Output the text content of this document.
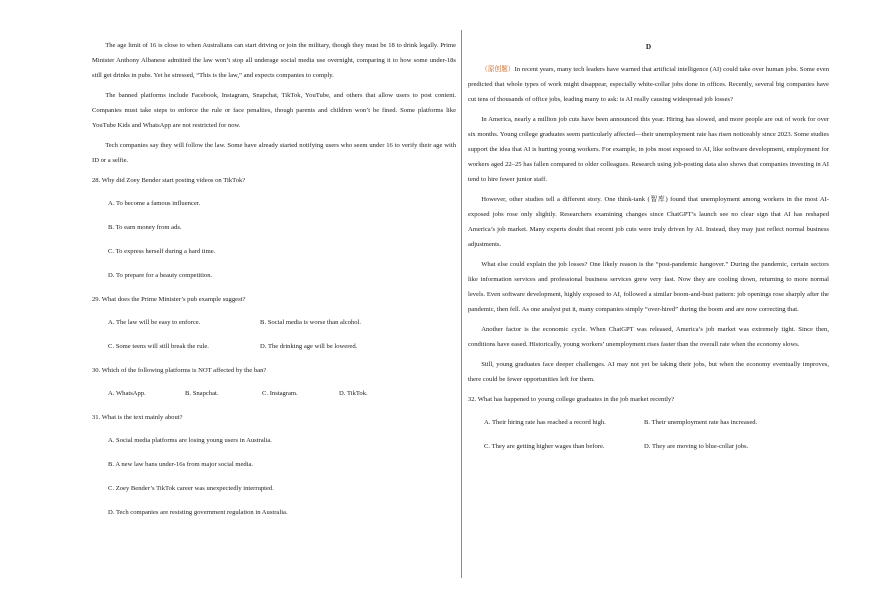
The age limit of 16 is close to when Australians can start driving or join the military, though they must be 18 to drink legally. Prime Minister Anthony Albanese admitted the law won’t stop all underage social media use overnight, comparing it to how some under-18s still get drinks in pubs. Yet he stressed, “This is the law,” and expects companies to comply.

The banned platforms include Facebook, Instagram, Snapchat, TikTok, YouTube, and others that allow users to post content. Companies must take steps to enforce the rule or face penalties, though parents and children won’t be fined. Some platforms like YouTube Kids and WhatsApp are not restricted for now.

Tech companies say they will follow the law. Some have already started notifying users who seem under 16 to verify their age with ID or a selfie.

28. Why did Zoey Bender start posting videos on TikTok?

A. To become a famous influencer.

B. To earn money from ads.

C. To express herself during a hard time.

D. To prepare for a beauty competition.

29. What does the Prime Minister’s pub example suggest?

A. The law will be easy to enforce.	B. Social media is worse than alcohol.
C. Some teens will still break the rule.	D. The drinking age will be lowered.

30. Which of the following platforms is NOT affected by the ban?

A. WhatsApp.	B. Snapchat.	C. Instagram.	D. TikTok.

31. What is the text mainly about?

A. Social media platforms are losing young users in Australia.

B. A new law bans under-16s from major social media.

C. Zoey Bender’s TikTok career was unexpectedly interrupted.

D. Tech companies are resisting government regulation in Australia.

D

（原创题）In recent years, many tech leaders have warned that artificial intelligence (AI) could take over human jobs. Some even predicted that whole types of work might disappear, especially white-collar jobs done in offices. Recently, several big companies have cut tens of thousands of office jobs, leading many to ask: is AI really causing widespread job losses?

In America, nearly a million job cuts have been announced this year. Hiring has slowed, and more people are out of work for over six months. Young college graduates seem particularly affected—their unemployment rate has risen noticeably since 2023. Some studies support the idea that AI is hurting young workers. For example, in jobs most exposed to AI, like software development, employment for workers aged 22–25 has fallen compared to older colleagues. Research using job-posting data also shows that companies investing in AI tend to hire fewer junior staff.

However, other studies tell a different story. One think-tank (智库) found that unemployment among workers in the most AI-exposed jobs rose only slightly. Researchers examining changes since ChatGPT’s launch see no clear sign that AI has reshaped America’s job market. Many experts doubt that recent job cuts were truly driven by AI. Instead, they may just reflect normal business adjustments.

What else could explain the job losses? One likely reason is the “post-pandemic hangover.” During the pandemic, certain sectors like information services and professional business services grew very fast. Now they are cooling down, returning to more normal levels. Even software development, highly exposed to AI, followed a similar boom-and-bust pattern: job openings rose sharply after the pandemic, then fell. As one analyst put it, many companies simply “over-hired” during the boom and are now correcting that.

Another factor is the economic cycle. When ChatGPT was released, America’s job market was extremely tight. Since then, conditions have eased. Historically, young workers’ unemployment rises faster than the overall rate when the economy slows.

Still, young graduates face deeper challenges. AI may not yet be taking their jobs, but when the economy eventually improves, there could be fewer opportunities left for them.

32. What has happened to young college graduates in the job market recently?

A. Their hiring rate has reached a record high.	B. Their unemployment rate has increased.
C. They are getting higher wages than before.	D. They are moving to blue-collar jobs.
